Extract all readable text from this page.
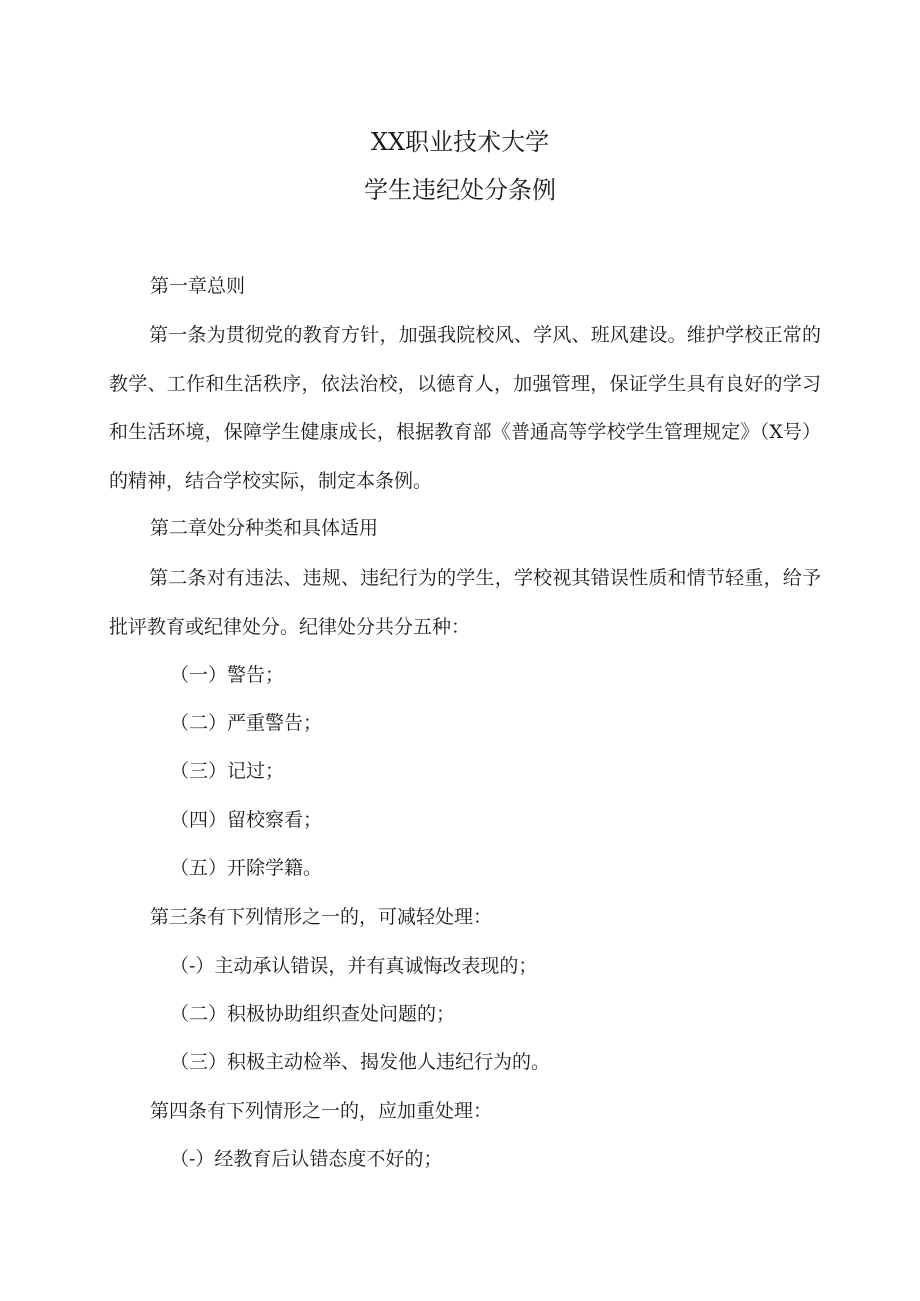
XX职业技术大学
学生违纪处分条例

第一章总则

第一条为贯彻党的教育方针，加强我院校风、学风、班风建设。维护学校正常的教学、工作和生活秩序，依法治校，以德育人，加强管理，保证学生具有良好的学习和生活环境，保障学生健康成长，根据教育部《普通高等学校学生管理规定》（X号）的精神，结合学校实际，制定本条例。

第二章处分种类和具体适用

第二条对有违法、违规、违纪行为的学生，学校视其错误性质和情节轻重，给予批评教育或纪律处分。纪律处分共分五种：

（一）警告；

（二）严重警告；

（三）记过；

（四）留校察看；

（五）开除学籍。

第三条有下列情形之一的，可减轻处理：

（-）主动承认错误，并有真诚悔改表现的；

（二）积极协助组织查处问题的；

（三）积极主动检举、揭发他人违纪行为的。

第四条有下列情形之一的，应加重处理：

（-）经教育后认错态度不好的；
